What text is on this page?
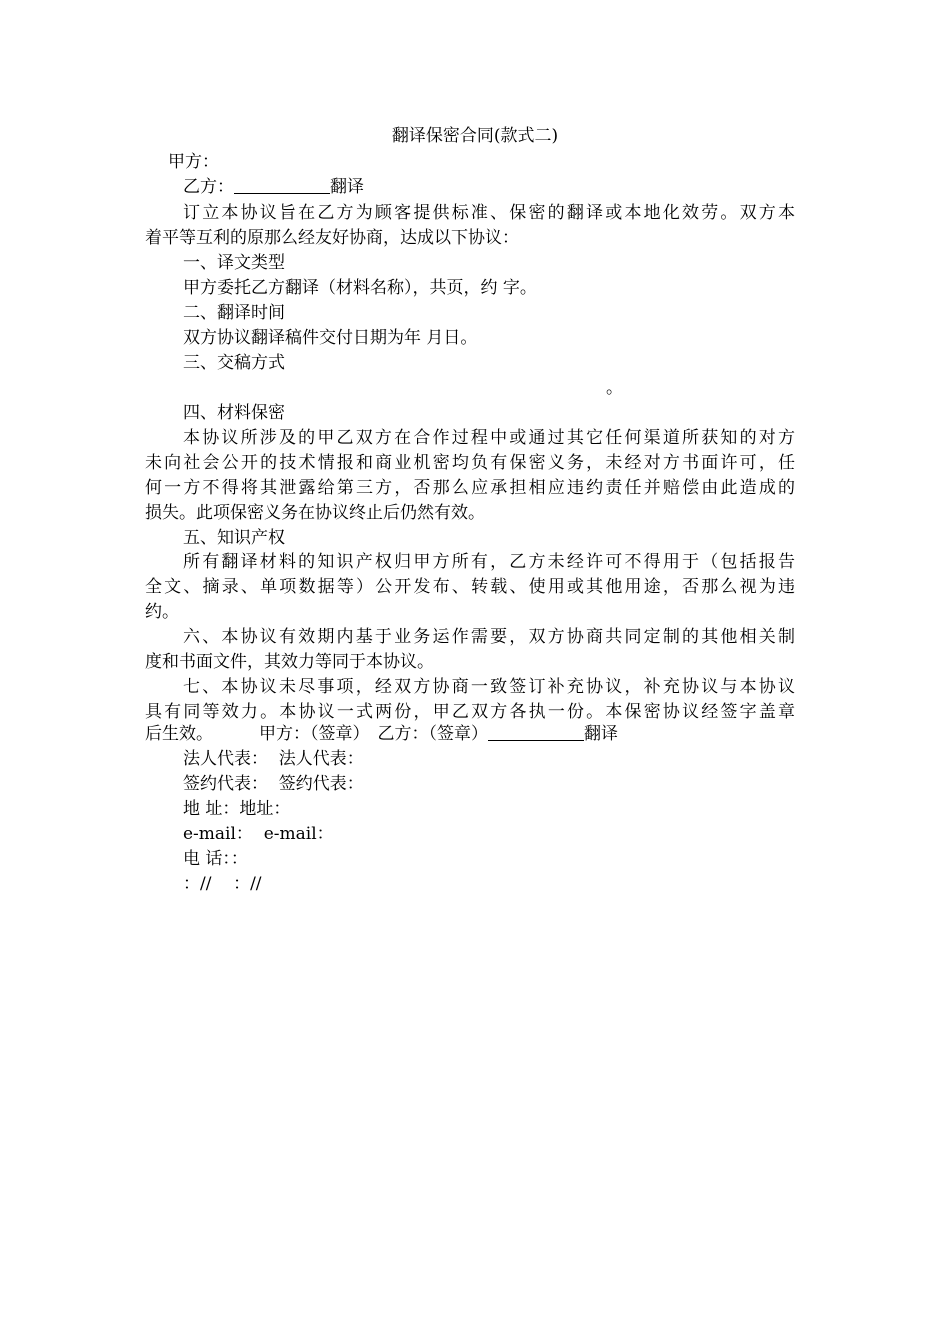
翻译保密合同(款式二)
甲方：
乙方：	翻译
订立本协议旨在乙方为顾客提供标准、保密的翻译或本地化效劳。双方本
着平等互利的原那么经友好协商，达成以下协议：
一、译文类型
甲方委托乙方翻译（材料名称），共页，约 字。
二、翻译时间
双方协议翻译稿件交付日期为年 月日。
三、交稿方式
。
四、材料保密
本协议所涉及的甲乙双方在合作过程中或通过其它任何渠道所获知的对方
未向社会公开的技术情报和商业机密均负有保密义务，未经对方书面许可，任
何一方不得将其泄露给第三方，否那么应承担相应违约责任并赔偿由此造成的
损失。此项保密义务在协议终止后仍然有效。
五、知识产权
所有翻译材料的知识产权归甲方所有，乙方未经许可不得用于（包括报告
全文、摘录、单项数据等）公开发布、转载、使用或其他用途，否那么视为违
约。
六、本协议有效期内基于业务运作需要，双方协商共同定制的其他相关制
度和书面文件，其效力等同于本协议。
七、本协议未尽事项，经双方协商一致签订补充协议，补充协议与本协议
具有同等效力。本协议一式两份，甲乙双方各执一份。本保密协议经签字盖章
后生效。	甲方：（签章） 乙方：（签章）	翻译
法人代表：  法人代表：
签约代表：  签约代表：
地 址：地址：
e-mail：  e-mail：
电 话：：
：//    ：//
